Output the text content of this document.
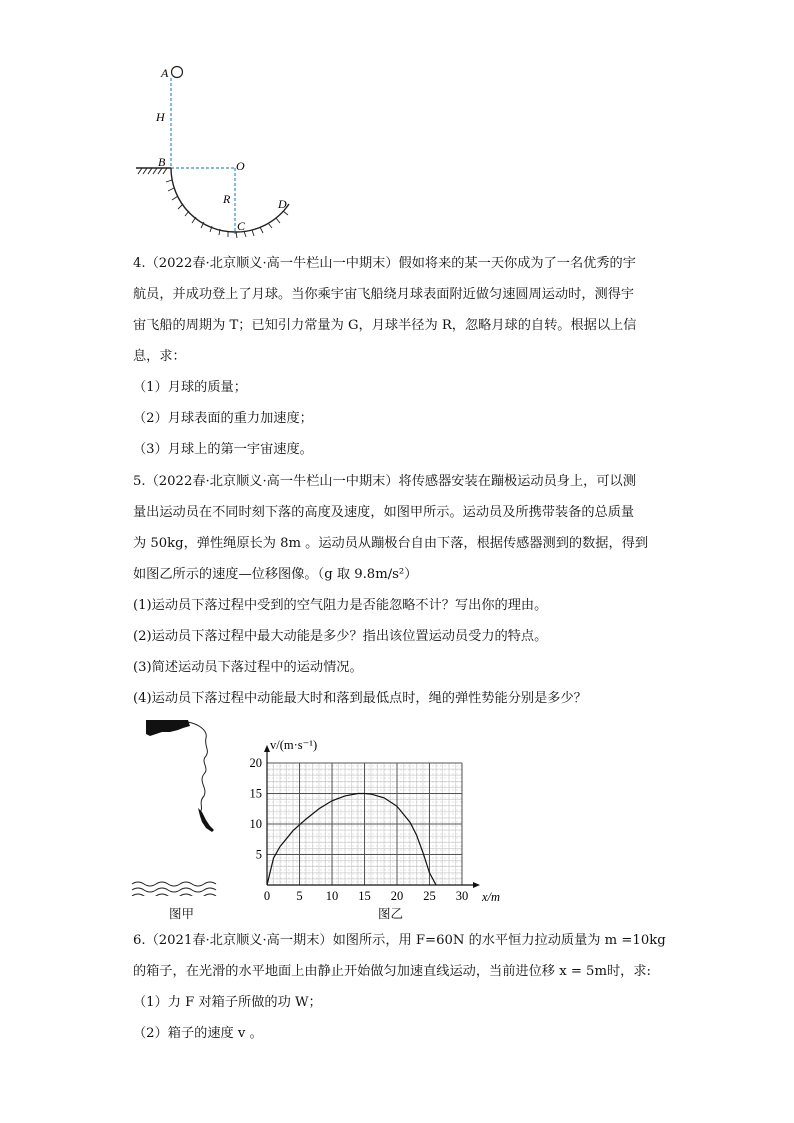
A
H
B	O
R
C
D
4.（2022春·北京顺义·高一牛栏山一中期末）假如将来的某一天你成为了一名优秀的宇
航员，并成功登上了月球。当你乘宇宙飞船绕月球表面附近做匀速圆周运动时，测得宇
宙飞船的周期为 T；已知引力常量为 G，月球半径为 R，忽略月球的自转。根据以上信
息，求：
（1）月球的质量；
（2）月球表面的重力加速度；
（3）月球上的第一宇宙速度。
5.（2022春·北京顺义·高一牛栏山一中期末）将传感器安装在蹦极运动员身上，可以测
量出运动员在不同时刻下落的高度及速度，如图甲所示。运动员及所携带装备的总质量
为 50kg，弹性绳原长为 8m 。运动员从蹦极台自由下落，根据传感器测到的数据，得到
如图乙所示的速度—位移图像。（g 取 9.8m/s²）
(1)运动员下落过程中受到的空气阻力是否能忽略不计？写出你的理由。
(2)运动员下落过程中最大动能是多少？指出该位置运动员受力的特点。
(3)简述运动员下落过程中的运动情况。
(4)运动员下落过程中动能最大时和落到最低点时，绳的弹性势能分别是多少？
图甲
0 5 10 15 20 25 30
5
10
15
20
v/(m·s⁻¹)
x/m
图乙
6.（2021春·北京顺义·高一期末）如图所示，用 F=60N 的水平恒力拉动质量为 m =10kg
的箱子，在光滑的水平地面上由静止开始做匀加速直线运动，当前进位移 x = 5m时，求:
（1）力 F 对箱子所做的功 W；
（2）箱子的速度 v 。
